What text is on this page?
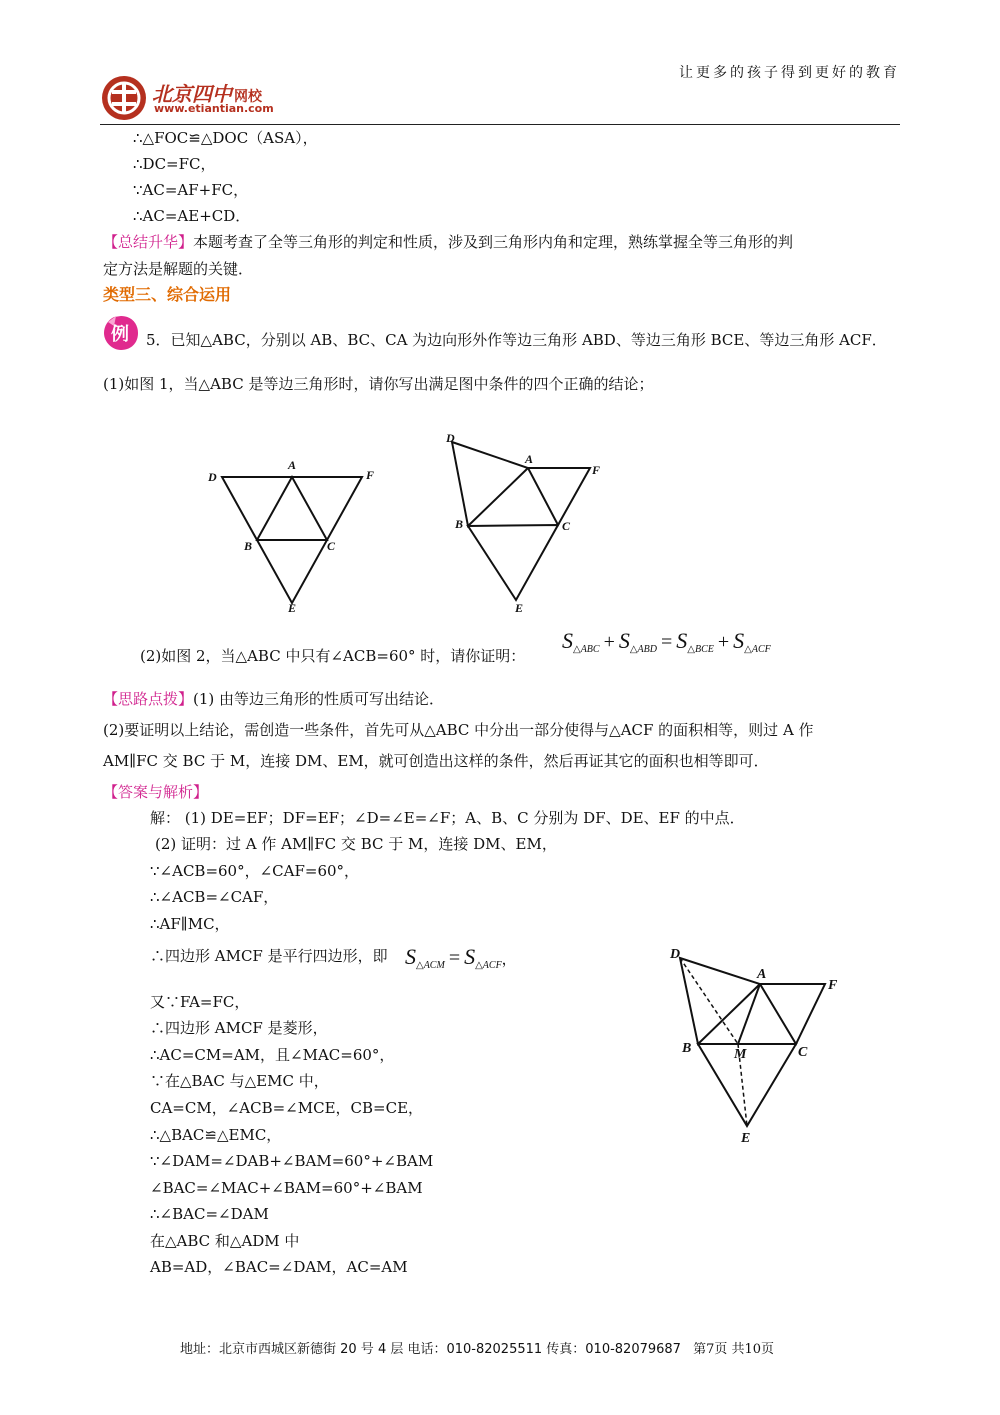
北京四中 网校
www.etiantian.com
让更多的孩子得到更好的教育
∴△FOC≌△DOC（ASA），
∴DC=FC，
∵AC=AF+FC，
∴AC=AE+CD．
【总结升华】本题考查了全等三角形的判定和性质，涉及到三角形内角和定理，熟练掌握全等三角形的判
定方法是解题的关键．
类型三、综合运用
例 5．已知△ABC，分别以 AB、BC、CA 为边向形外作等边三角形 ABD、等边三角形 BCE、等边三角形 ACF．
(1)如图 1，当△ABC 是等边三角形时，请你写出满足图中条件的四个正确的结论；
D
A
F
B	C
E
D
A
F
B	C
E
(2)如图 2，当△ABC 中只有∠ACB=60° 时，请你证明：
$S_{\triangle ABC} + S_{\triangle ABD} = S_{\triangle BCE} + S_{\triangle ACF}$
【思路点拨】(1) 由等边三角形的性质可写出结论．
(2)要证明以上结论，需创造一些条件，首先可从△ABC 中分出一部分使得与△ACF 的面积相等，则过 A 作
AM∥FC 交 BC 于 M，连接 DM、EM，就可创造出这样的条件，然后再证其它的面积也相等即可．
【答案与解析】
解： (1) DE=EF；DF=EF；∠D=∠E=∠F；A、B、C 分别为 DF、DE、EF 的中点．
(2) 证明：过 A 作 AM∥FC 交 BC 于 M，连接 DM、EM，
∵∠ACB=60°，∠CAF=60°，
∴∠ACB=∠CAF，
∴AF∥MC，
∴四边形 AMCF 是平行四边形，即 $S_{\triangle ACM} = S_{\triangle ACF}$，
又∵FA=FC，
∴四边形 AMCF 是菱形，
∴AC=CM=AM，且∠MAC=60°，
∵在△BAC 与△EMC 中，
CA=CM，∠ACB=∠MCE，CB=CE，
∴△BAC≌△EMC，
∵∠DAM=∠DAB+∠BAM=60°+∠BAM
∠BAC=∠MAC+∠BAM=60°+∠BAM
∴∠BAC=∠DAM
在△ABC 和△ADM 中
AB=AD，∠BAC=∠DAM，AC=AM
D
A
F
B	C
M
E
地址：北京市西城区新德街 20 号 4 层 电话：010-82025511 传真：010-82079687 第7页 共10页
